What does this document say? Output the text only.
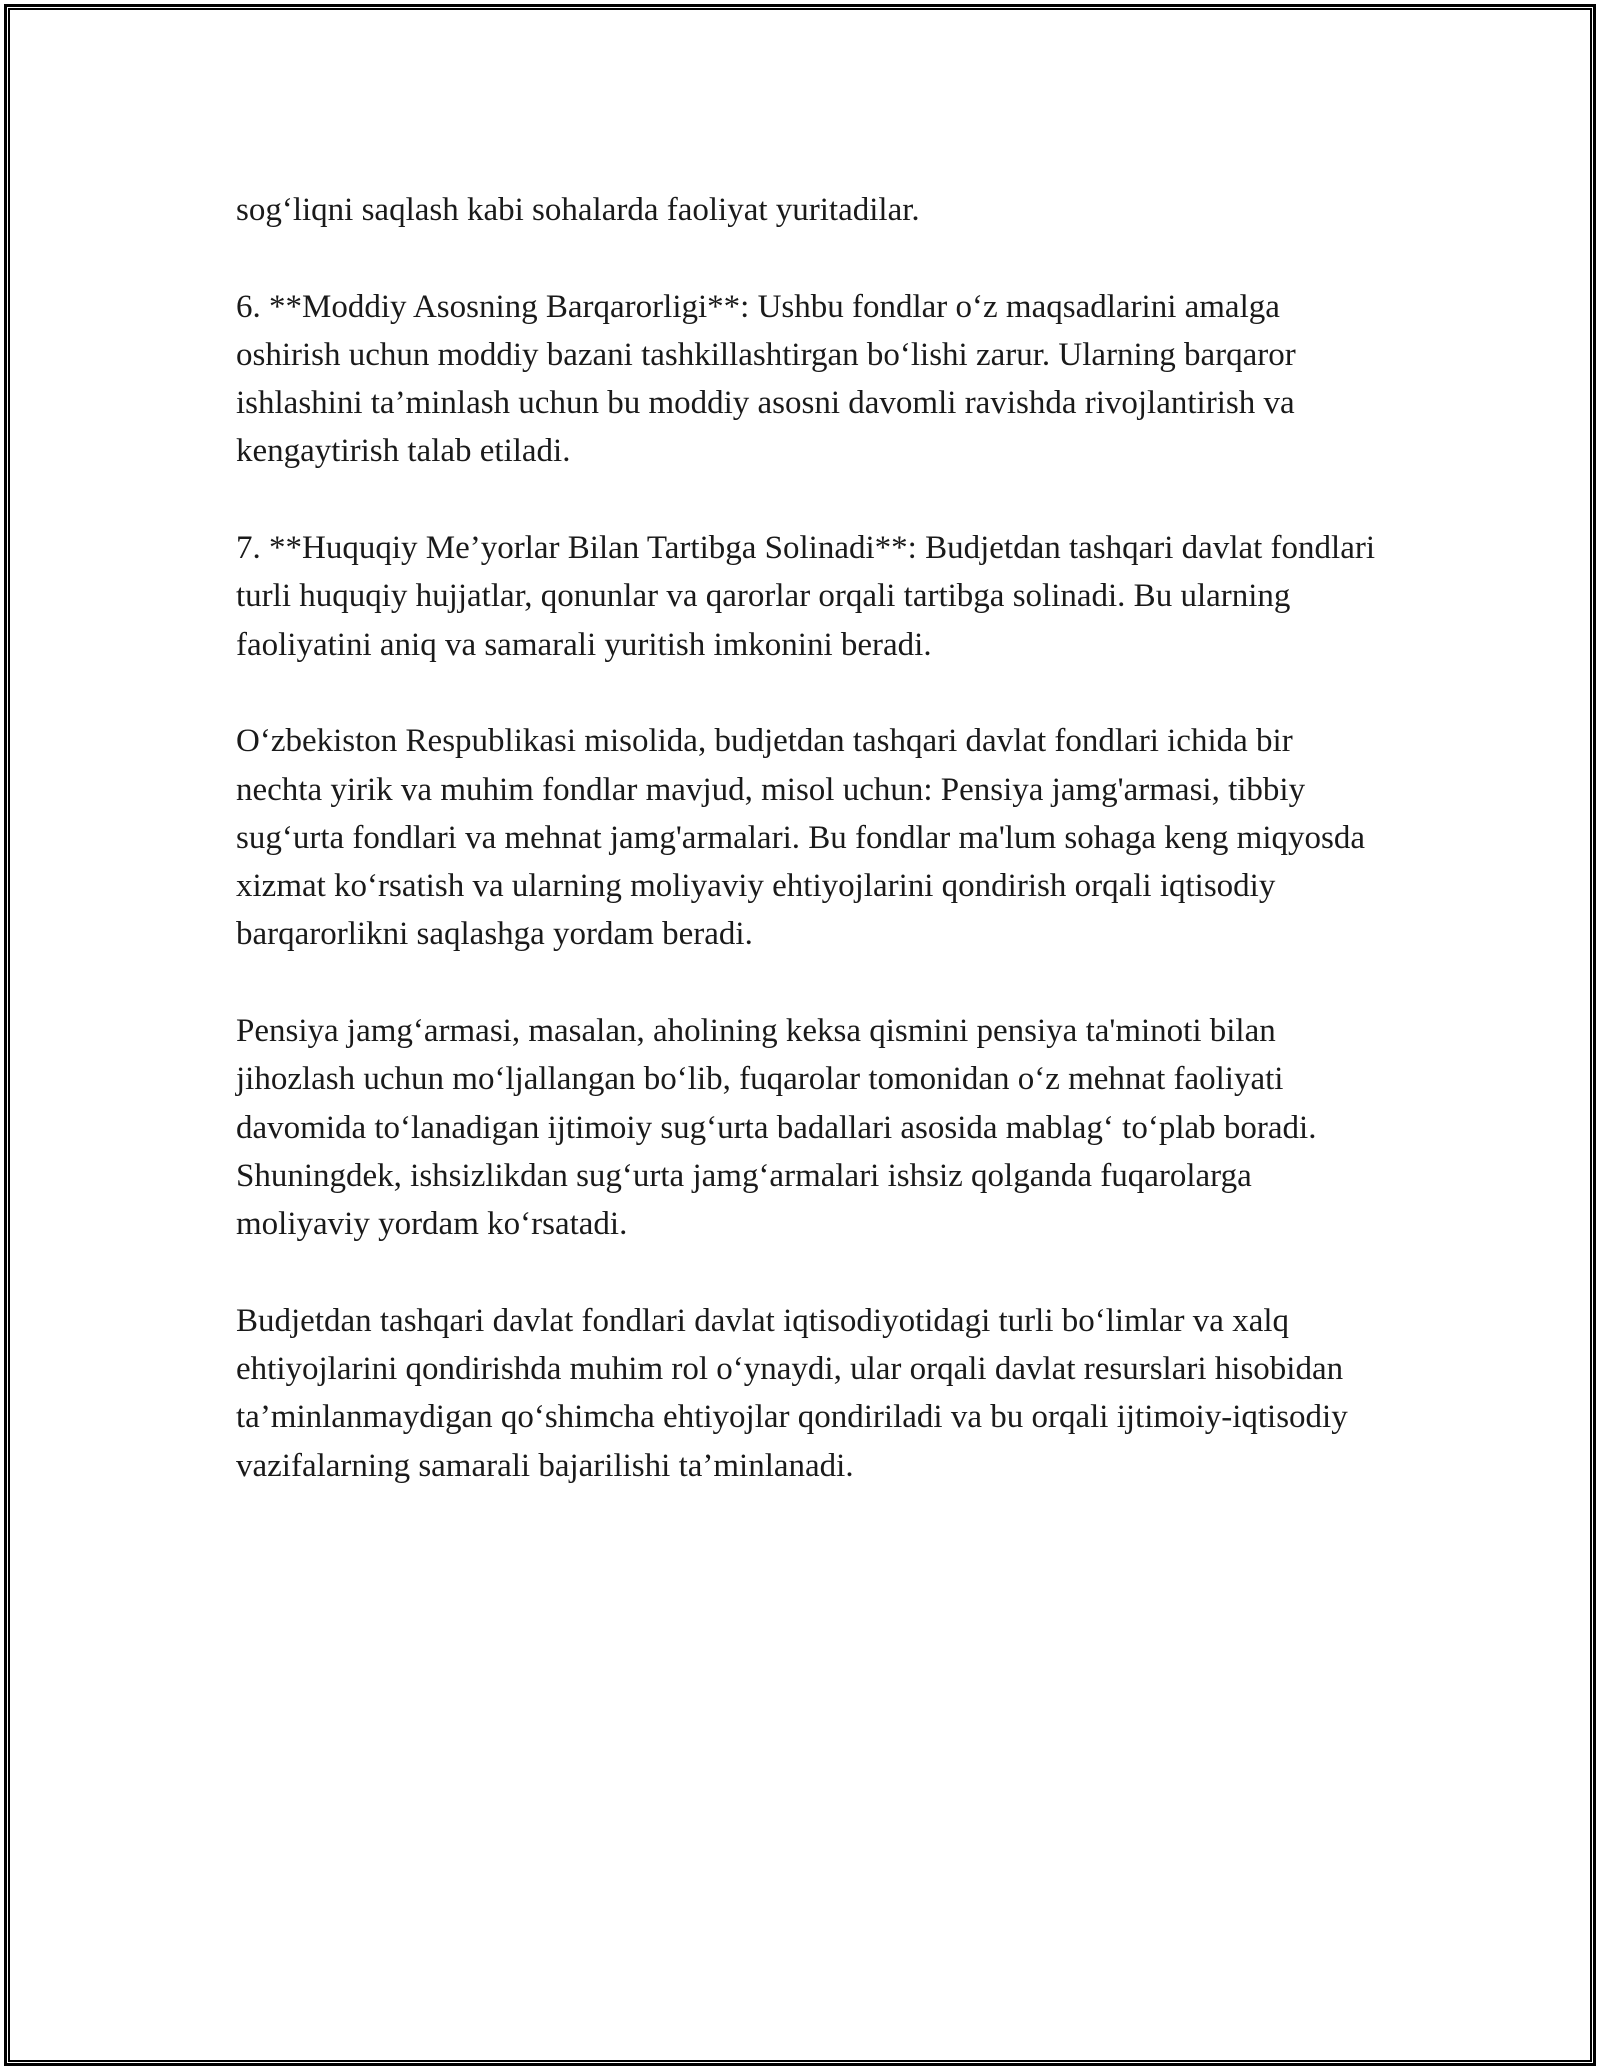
sog‘liqni saqlash kabi sohalarda faoliyat yuritadilar.

6. **Moddiy Asosning Barqarorligi**: Ushbu fondlar o‘z maqsadlarini amalga oshirish uchun moddiy bazani tashkillashtirgan bo‘lishi zarur. Ularning barqaror ishlashini ta’minlash uchun bu moddiy asosni davomli ravishda rivojlantirish va kengaytirish talab etiladi.

7. **Huquqiy Me’yorlar Bilan Tartibga Solinadi**: Budjetdan tashqari davlat fondlari turli huquqiy hujjatlar, qonunlar va qarorlar orqali tartibga solinadi. Bu ularning faoliyatini aniq va samarali yuritish imkonini beradi.

O‘zbekiston Respublikasi misolida, budjetdan tashqari davlat fondlari ichida bir nechta yirik va muhim fondlar mavjud, misol uchun: Pensiya jamg'armasi, tibbiy sug‘urta fondlari va mehnat jamg'armalari. Bu fondlar ma'lum sohaga keng miqyosda xizmat ko‘rsatish va ularning moliyaviy ehtiyojlarini qondirish orqali iqtisodiy barqarorlikni saqlashga yordam beradi.

Pensiya jamg‘armasi, masalan, aholining keksa qismini pensiya ta'minoti bilan jihozlash uchun mo‘ljallangan bo‘lib, fuqarolar tomonidan o‘z mehnat faoliyati davomida to‘lanadigan ijtimoiy sug‘urta badallari asosida mablag‘ to‘plab boradi. Shuningdek, ishsizlikdan sug‘urta jamg‘armalari ishsiz qolganda fuqarolarga moliyaviy yordam ko‘rsatadi.

Budjetdan tashqari davlat fondlari davlat iqtisodiyotidagi turli bo‘limlar va xalq ehtiyojlarini qondirishda muhim rol o‘ynaydi, ular orqali davlat resurslari hisobidan ta’minlanmaydigan qo‘shimcha ehtiyojlar qondiriladi va bu orqali ijtimoiy-iqtisodiy vazifalarning samarali bajarilishi ta’minlanadi.
